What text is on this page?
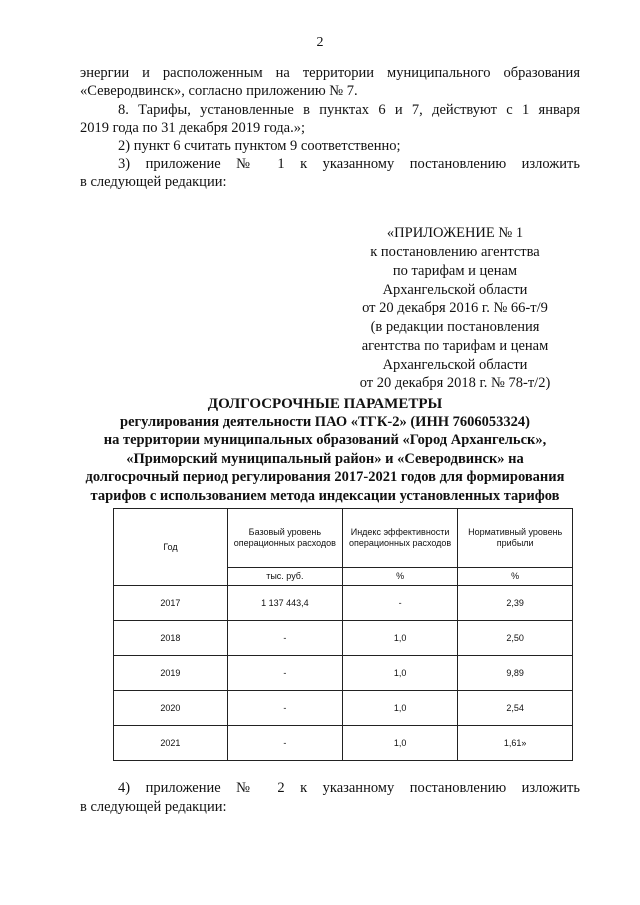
2
энергии и расположенным на территории муниципального образования
«Северодвинск», согласно приложению № 7.
8. Тарифы, установленные в пунктах 6 и 7, действуют с 1 января
2019 года по 31 декабря 2019 года.»;
2) пункт 6 считать пунктом 9 соответственно;
3) приложение № 1 к указанному постановлению изложить
в следующей редакции:
«ПРИЛОЖЕНИЕ № 1
к постановлению агентства
по тарифам и ценам
Архангельской области
от 20 декабря 2016 г. № 66-т/9
(в редакции постановления
агентства по тарифам и ценам
Архангельской области
от 20 декабря 2018 г. № 78-т/2)
ДОЛГОСРОЧНЫЕ ПАРАМЕТРЫ
регулирования деятельности ПАО «ТГК-2» (ИНН 7606053324)
на территории муниципальных образований «Город Архангельск»,
«Приморский муниципальный район» и «Северодвинск» на
долгосрочный период регулирования 2017-2021 годов для формирования
тарифов с использованием метода индексации установленных тарифов
Год	Базовый уровень операционных расходов	Индекс эффективности операционных расходов	Нормативный уровень прибыли
	тыс. руб.	%	%
2017	1 137 443,4	-	2,39
2018	-	1,0	2,50
2019	-	1,0	9,89
2020	-	1,0	2,54
2021	-	1,0	1,61»
4) приложение № 2 к указанному постановлению изложить
в следующей редакции:
